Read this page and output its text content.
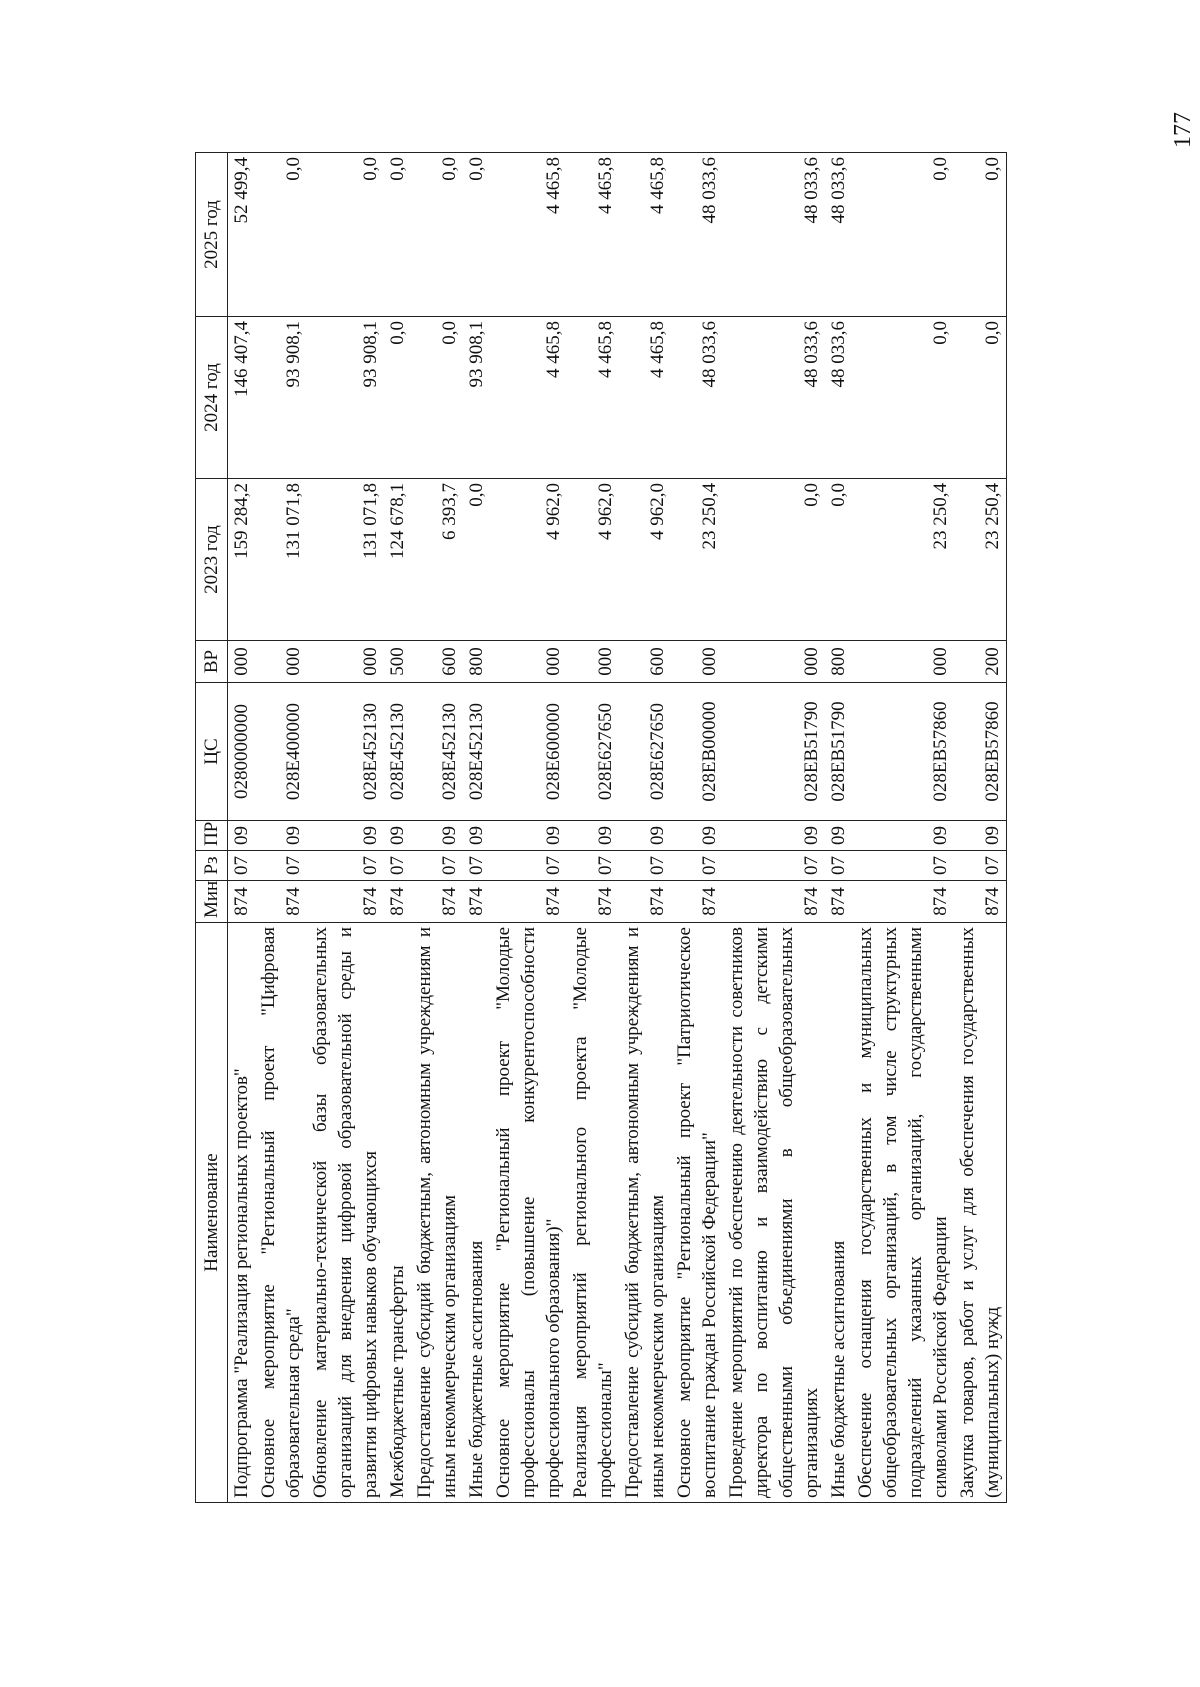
177
Наименование	Мин	Рз	ПР	ЦС	ВР	2023 год	2024 год	2025 год
Подпрограмма "Реализация региональных проектов"	874	07	09	0280000000	000	159 284,2	146 407,4	52 499,4
Основное мероприятие "Региональный проект "Цифровая образовательная среда"	874	07	09	028E400000	000	131 071,8	93 908,1	0,0
Обновление материально-технической базы образовательных организаций для внедрения цифровой образовательной среды и развития цифровых навыков обучающихся	874	07	09	028E452130	000	131 071,8	93 908,1	0,0
Межбюджетные трансферты	874	07	09	028E452130	500	124 678,1	0,0	0,0
Предоставление субсидий бюджетным, автономным учреждениям и иным некоммерческим организациям	874	07	09	028E452130	600	6 393,7	0,0	0,0
Иные бюджетные ассигнования	874	07	09	028E452130	800	0,0	93 908,1	0,0
Основное мероприятие "Региональный проект "Молодые профессионалы (повышение конкурентоспособности профессионального образования)"	874	07	09	028E600000	000	4 962,0	4 465,8	4 465,8
Реализация мероприятий регионального проекта "Молодые профессионалы"	874	07	09	028E627650	000	4 962,0	4 465,8	4 465,8
Предоставление субсидий бюджетным, автономным учреждениям и иным некоммерческим организациям	874	07	09	028E627650	600	4 962,0	4 465,8	4 465,8
Основное мероприятие "Региональный проект "Патриотическое воспитание граждан Российской Федерации"	874	07	09	028EB00000	000	23 250,4	48 033,6	48 033,6
Проведение мероприятий по обеспечению деятельности советников директора по воспитанию и взаимодействию с детскими общественными объединениями в общеобразовательных организациях	874	07	09	028EB51790	000	0,0	48 033,6	48 033,6
Иные бюджетные ассигнования	874	07	09	028EB51790	800	0,0	48 033,6	48 033,6
Обеспечение оснащения государственных и муниципальных общеобразовательных организаций, в том числе структурных подразделений указанных организаций, государственными символами Российской Федерации	874	07	09	028EB57860	000	23 250,4	0,0	0,0
Закупка товаров, работ и услуг для обеспечения государственных (муниципальных) нужд	874	07	09	028EB57860	200	23 250,4	0,0	0,0
